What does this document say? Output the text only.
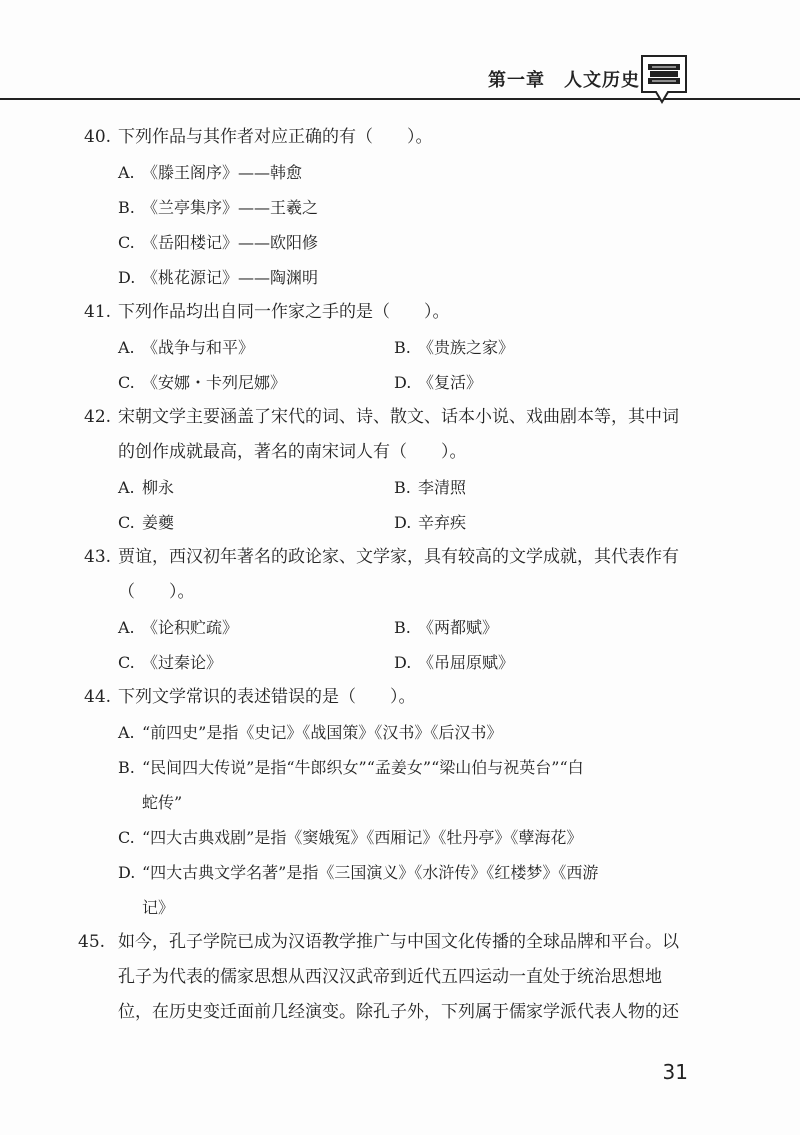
第一章　人文历史
40. 下列作品与其作者对应正确的有（　　）。
A. 《滕王阁序》——韩愈
B. 《兰亭集序》——王羲之
C. 《岳阳楼记》——欧阳修
D. 《桃花源记》——陶渊明
41. 下列作品均出自同一作家之手的是（　　）。
A. 《战争与和平》	B. 《贵族之家》
C. 《安娜・卡列尼娜》	D. 《复活》
42. 宋朝文学主要涵盖了宋代的词、诗、散文、话本小说、戏曲剧本等，其中词
的创作成就最高，著名的南宋词人有（　　）。
A. 柳永	B. 李清照
C. 姜夔	D. 辛弃疾
43. 贾谊，西汉初年著名的政论家、文学家，具有较高的文学成就，其代表作有
（　　）。
A. 《论积贮疏》	B. 《两都赋》
C. 《过秦论》	D. 《吊屈原赋》
44. 下列文学常识的表述错误的是（　　）。
A. “前四史”是指《史记》《战国策》《汉书》《后汉书》
B. “民间四大传说”是指“牛郎织女”“孟姜女”“梁山伯与祝英台”“白
蛇传”
C. “四大古典戏剧”是指《窦娥冤》《西厢记》《牡丹亭》《孽海花》
D. “四大古典文学名著”是指《三国演义》《水浒传》《红楼梦》《西游
记》
45. 如今，孔子学院已成为汉语教学推广与中国文化传播的全球品牌和平台。以
孔子为代表的儒家思想从西汉汉武帝到近代五四运动一直处于统治思想地
位，在历史变迁面前几经演变。除孔子外，下列属于儒家学派代表人物的还
31
